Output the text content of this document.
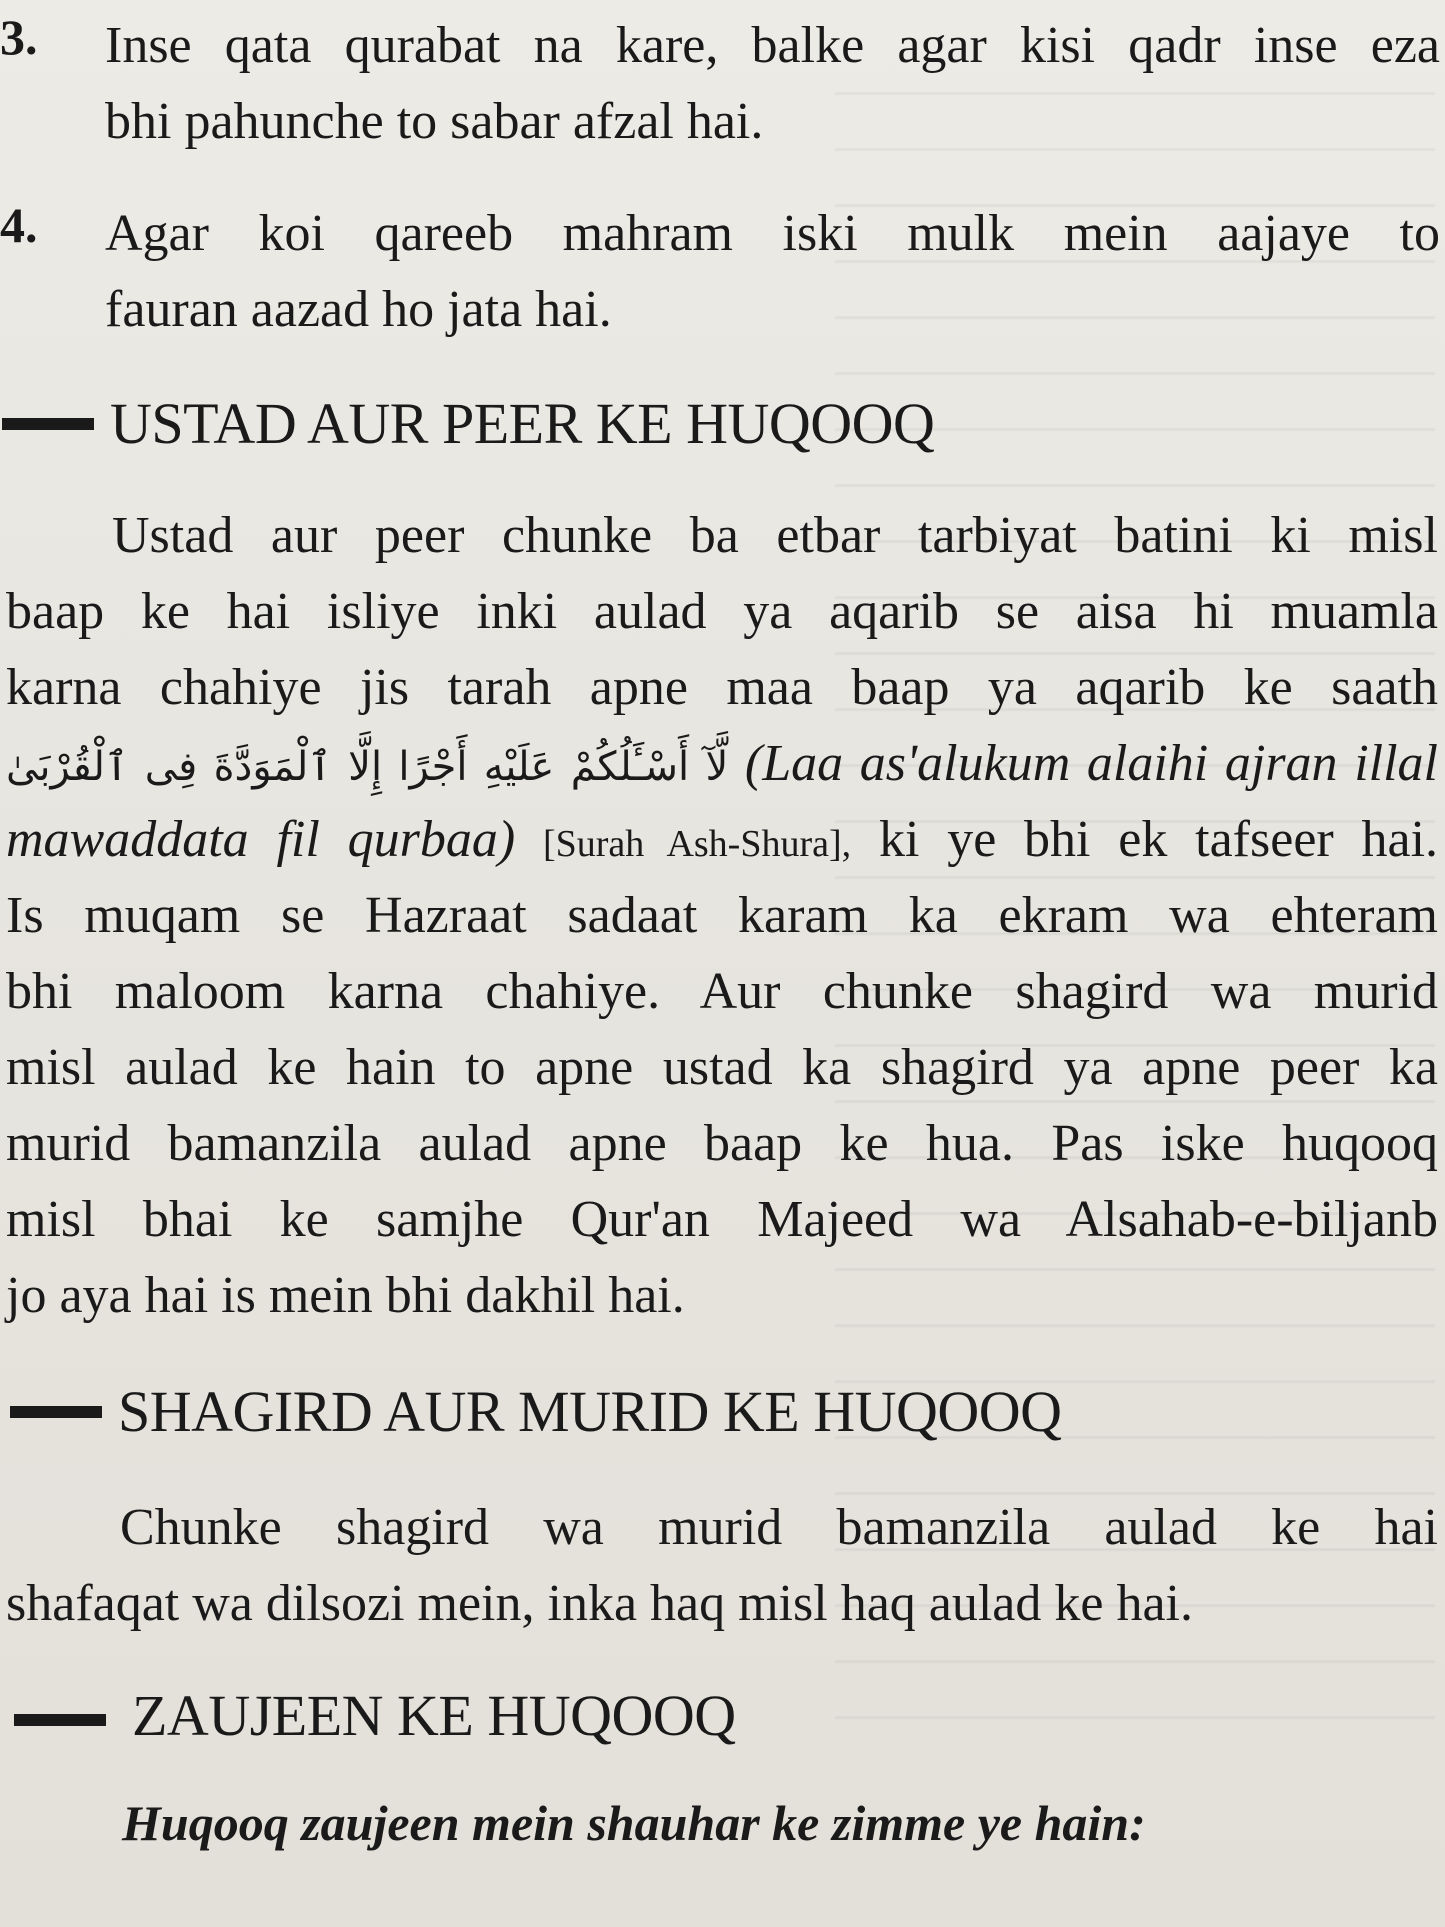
3. Inse qata qurabat na kare, balke agar kisi qadr inse eza
bhi pahunche to sabar afzal hai.
4. Agar koi qareeb mahram iski mulk mein aajaye to
fauran aazad ho jata hai.
USTAD AUR PEER KE HUQOOQ
Ustad aur peer chunke ba etbar tarbiyat batini ki misl
baap ke hai isliye inki aulad ya aqarib se aisa hi muamla
karna chahiye jis tarah apne maa baap ya aqarib ke saath
لَّآ أَسْـَٔلُكُمْ عَلَيْهِ أَجْرًا إِلَّا ٱلْمَوَدَّةَ فِى ٱلْقُرْبَىٰ (Laa as'alukum alaihi ajran illal
mawaddata fil qurbaa) [Surah Ash-Shura], ki ye bhi ek tafseer hai.
Is muqam se Hazraat sadaat karam ka ekram wa ehteram
bhi maloom karna chahiye. Aur chunke shagird wa murid
misl aulad ke hain to apne ustad ka shagird ya apne peer ka
murid bamanzila aulad apne baap ke hua. Pas iske huqooq
misl bhai ke samjhe Qur'an Majeed wa Alsahab-e-biljanb
jo aya hai is mein bhi dakhil hai.
SHAGIRD AUR MURID KE HUQOOQ
Chunke shagird wa murid bamanzila aulad ke hai
shafaqat wa dilsozi mein, inka haq misl haq aulad ke hai.
ZAUJEEN KE HUQOOQ
Huqooq zaujeen mein shauhar ke zimme ye hain:
